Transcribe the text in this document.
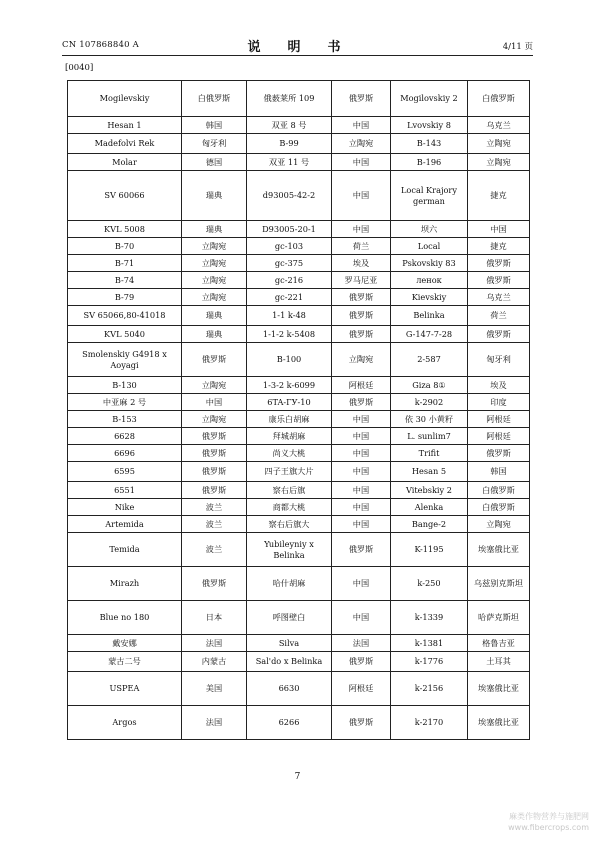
CN 107868840 A	说　明　书	4/11 页
[0040]
Mogilevskiy	白俄罗斯	俄薮莱所 109	俄罗斯	Mogilovskiy 2	白俄罗斯
Hesan 1	韩国	双亚 8 号	中国	Lvovskiy 8	乌克兰
Madefolvi Rek	匈牙利	B-99	立陶宛	B-143	立陶宛
Molar	德国	双亚 11 号	中国	B-196	立陶宛
SV 60066	瑞典	d93005-42-2	中国	Local Krajory german	捷克
KVL 5008	瑞典	D93005-20-1	中国	坝六	中国
B-70	立陶宛	gc-103	荷兰	Local	捷克
B-71	立陶宛	gc-375	埃及	Pskovskiy 83	俄罗斯
B-74	立陶宛	gc-216	罗马尼亚	ленок	俄罗斯
B-79	立陶宛	gc-221	俄罗斯	Kievskiy	乌克兰
SV 65066,80-41018	瑞典	1-1 k-48	俄罗斯	Belinka	荷兰
KVL 5040	瑞典	1-1-2 k-5408	俄罗斯	G-147-7-28	俄罗斯
Smolenskiy G4918 x Aoyagi	俄罗斯	B-100	立陶宛	2-587	匈牙利
B-130	立陶宛	1-3-2 k-6099	阿根廷	Giza 8①	埃及
中亚麻 2 号	中国	6TA-ГУ-10	俄罗斯	k-2902	印度
B-153	立陶宛	康乐白胡麻	中国	依 30 小黄籽	阿根廷
6628	俄罗斯	拜城胡麻	中国	L. sunlim7	阿根廷
6696	俄罗斯	尚义大桃	中国	Trifit	俄罗斯
6595	俄罗斯	四子王旗大片	中国	Hesan 5	韩国
6551	俄罗斯	察右后旗	中国	Vitebskiy 2	白俄罗斯
Nike	波兰	商都大桃	中国	Alenka	白俄罗斯
Artemida	波兰	察右后旗大	中国	Bange-2	立陶宛
Temida	波兰	Yubileyniy x Belinka	俄罗斯	K-1195	埃塞俄比亚
Mirazh	俄罗斯	哈什胡麻	中国	k-250	乌兹别克斯坦
Blue no 180	日本	呼图壁白	中国	k-1339	哈萨克斯坦
戴安娜	法国	Silva	法国	k-1381	格鲁吉亚
蒙古二号	内蒙古	Sal'do x Belinka	俄罗斯	k-1776	土耳其
USPEA	美国	6630	阿根廷	k-2156	埃塞俄比亚
Argos	法国	6266	俄罗斯	k-2170	埃塞俄比亚
7
麻类作物营养与施肥网
www.fibercrops.com
